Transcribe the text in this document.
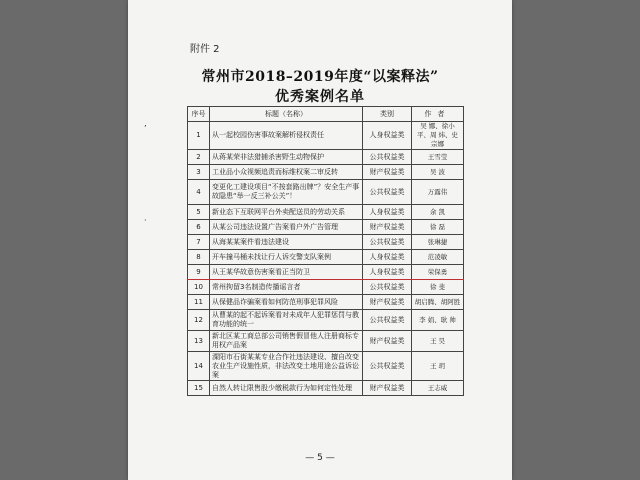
’
·
附件 2
常州市2018–2019年度“以案释法”
优秀案例名单
序号	标题（名称）	类别	作者
1	从一起校园伤害事故案解析侵权责任	人身权益类	吴 娜、徐小平、周 炜、史宗娜
2	从蒋某荣非法猎捕杀害野生动物保护	公共权益类	王雪莹
3	工业品小众视频追责而标维权案二审反转	财产权益类	吴 波
4	变更化工建设项目“不按套路出牌”？安全生产事故隐患“举一反三补公关”！	公共权益类	万露伟
5	新业态下互联网平台外卖配送员的劳动关系	人身权益类	余 凯
6	从某公司违法设置广告案看户外广告管理	财产权益类	徐 磊
7	从海某某案件看违法建设	公共权益类	张琳捷
8	开车撞马桶未找让行人诉交警支队案例	人身权益类	范凌敏
9	从王某华故意伤害案看正当防卫	人身权益类	荣保勇
10	常州拘留3名制造传播谣言者	公共权益类	徐 斐
11	从保健品诈骗案看如何防范刑事犯罪风险	财产权益类	胡启腾、胡阿胜
12	从曹某的起不起诉案看对未成年人犯罪惩罚与教育功能的统一	公共权益类	李 娟、耿 帅
13	新北区某工商总部公司销售假冒他人注册商标专用权产品案	财产权益类	王 昊
14	溧阳市石街某某专业合作社违法建设、擅自改变农业生产设施性质，非法改变土地用途公益诉讼案	公共权益类	王 玥
15	自然人转让限售股少缴税款行为如何定性处理	财产权益类	王志威
— 5 —
